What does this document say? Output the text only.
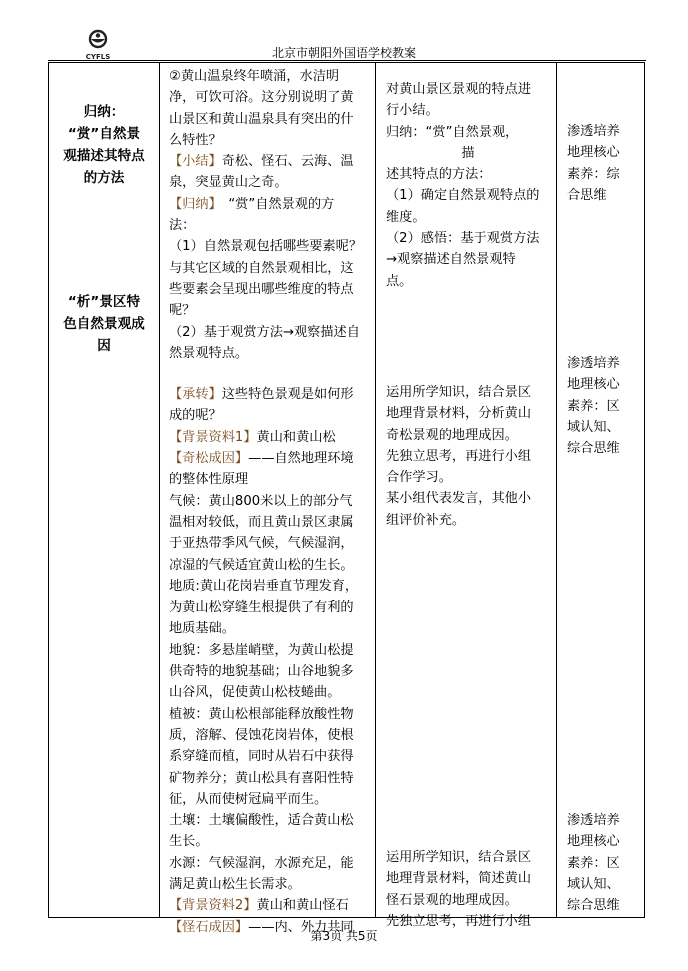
CYFLS	北京市朝阳外国语学校教案
归纳：
“赏”自然景
观描述其特点
的方法
“析”景区特
色自然景观成
因

②黄山温泉终年喷涌，水洁明

净，可饮可浴。这分别说明了黄

山景区和黄山温泉具有突出的什

么特性？

【小结】奇松、怪石、云海、温

泉，突显黄山之奇。

【归纳】　“赏”自然景观的方

法：

（1）自然景观包括哪些要素呢？

与其它区域的自然景观相比，这

些要素会呈现出哪些维度的特点

呢？

（2）基于观赏方法→观察描述自

然景观特点。

【承转】这些特色景观是如何形

成的呢？

【背景资料1】黄山和黄山松

【奇松成因】——自然地理环境

的整体性原理

气候：黄山800米以上的部分气

温相对较低，而且黄山景区隶属

于亚热带季风气候，气候湿润，

凉湿的气候适宜黄山松的生长。

地质:黄山花岗岩垂直节理发育，

为黄山松穿缝生根提供了有利的

地质基础。

地貌：多悬崖峭壁，为黄山松提

供奇特的地貌基础；山谷地貌多

山谷风，促使黄山松枝蜷曲。

植被：黄山松根部能释放酸性物

质，溶解、侵蚀花岗岩体，使根

系穿缝而植，同时从岩石中获得

矿物养分；黄山松具有喜阳性特

征，从而使树冠扁平而生。

土壤：土壤偏酸性，适合黄山松

生长。

水源：气候湿润，水源充足，能

满足黄山松生长需求。

【背景资料2】黄山和黄山怪石

【怪石成因】——内、外力共同

对黄山景区景观的特点进

行小结。

归纳：“赏”自然景观，

描

述其特点的方法：

（1）确定自然景观特点的

维度。

（2）感悟：基于观赏方法

→观察描述自然景观特

点。

运用所学知识，结合景区

地理背景材料，分析黄山

奇松景观的地理成因。

先独立思考，再进行小组

合作学习。

某小组代表发言，其他小

组评价补充。

运用所学知识，结合景区

地理背景材料，简述黄山

怪石景观的地理成因。

先独立思考，再进行小组

渗透培养
地理核心
素养：综
合思维
渗透培养
地理核心
素养：区
域认知、
综合思维
渗透培养
地理核心
素养：区
域认知、
综合思维
第3页 共5页
